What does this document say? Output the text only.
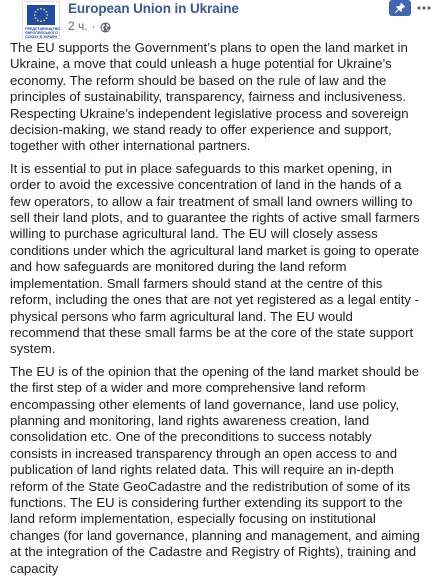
ПРЕДСТАВНИЦТВО ЄВРОПЕЙСЬКОГО СОЮЗУ В УКРАЇНІ
European Union in Ukraine
2 ч. ·

The EU supports the Government’s plans to open the land market in Ukraine, a move that could unleash a huge potential for Ukraine’s economy. The reform should be based on the rule of law and the principles of sustainability, transparency, fairness and inclusiveness. Respecting Ukraine’s independent legislative process and sovereign decision-making, we stand ready to offer experience and support, together with other international partners.

It is essential to put in place safeguards to this market opening, in order to avoid the excessive concentration of land in the hands of a few operators, to allow a fair treatment of small land owners willing to sell their land plots, and to guarantee the rights of active small farmers willing to purchase agricultural land. The EU will closely assess conditions under which the agricultural land market is going to operate and how safeguards are monitored during the land reform implementation. Small farmers should stand at the centre of this reform, including the ones that are not yet registered as a legal entity - physical persons who farm agricultural land. The EU would recommend that these small farms be at the core of the state support system.

The EU is of the opinion that the opening of the land market should be the first step of a wider and more comprehensive land reform encompassing other elements of land governance, land use policy, planning and monitoring, land rights awareness creation, land consolidation etc. One of the preconditions to success notably consists in increased transparency through an open access to and publication of land rights related data. This will require an in-depth reform of the State GeoCadastre and the redistribution of some of its functions. The EU is considering further extending its support to the land reform implementation, especially focusing on institutional changes (for land governance, planning and management, and aiming at the integration of the Cadastre and Registry of Rights), training and capacity
